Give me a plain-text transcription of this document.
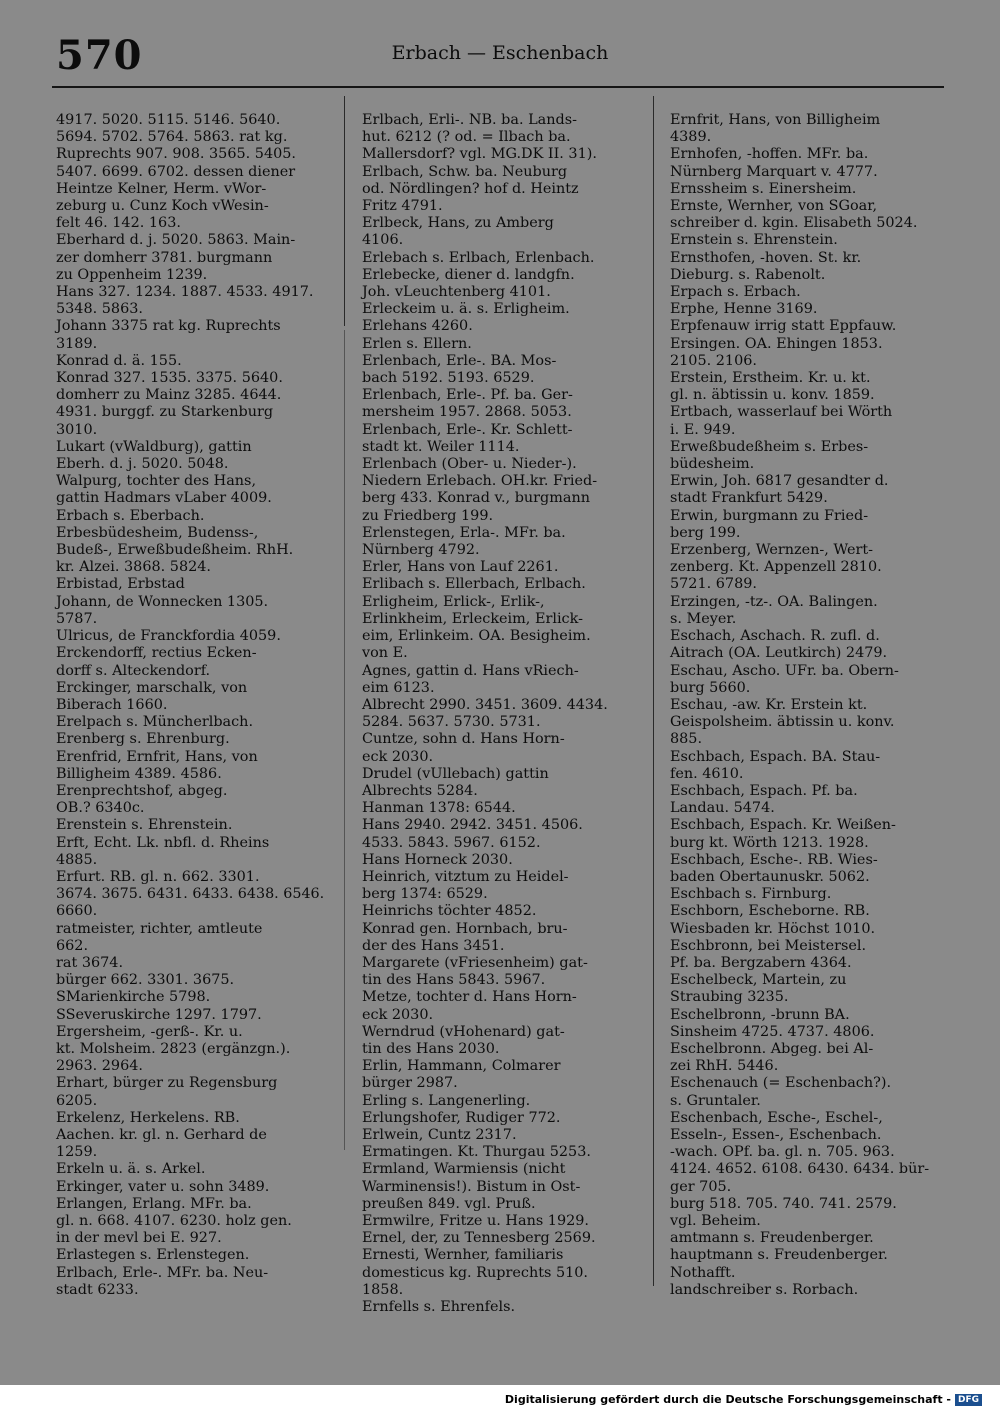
570	Erbach — Eschenbach
4917. 5020. 5115. 5146. 5640.
5694. 5702. 5764. 5863. rat kg.
Ruprechts 907. 908. 3565. 5405.
5407. 6699. 6702. dessen diener
Heintze Kelner, Herm. vWor-
zeburg u. Cunz Koch vWesin-
felt 46. 142. 163.
Eberhard d. j. 5020. 5863. Main-
zer domherr 3781. burgmann
zu Oppenheim 1239.
Hans 327. 1234. 1887. 4533. 4917.
5348. 5863.
Johann 3375 rat kg. Ruprechts
3189.
Konrad d. ä. 155.
Konrad 327. 1535. 3375. 5640.
domherr zu Mainz 3285. 4644.
4931. burggf. zu Starkenburg
3010.
Lukart (vWaldburg), gattin
Eberh. d. j. 5020. 5048.
Walpurg, tochter des Hans,
gattin Hadmars vLaber 4009.
Erbach s. Eberbach.
Erbesbüdesheim, Budenss-,
Budeß-, Erweßbudeßheim. RhH.
kr. Alzei. 3868. 5824.
Erbistad, Erbstad
Johann, de Wonnecken 1305.
5787.
Ulricus, de Franckfordia 4059.
Erckendorff, rectius Ecken-
dorff s. Alteckendorf.
Erckinger, marschalk, von
Biberach 1660.
Erelpach s. Müncherlbach.
Erenberg s. Ehrenburg.
Erenfrid, Ernfrit, Hans, von
Billigheim 4389. 4586.
Erenprechtshof, abgeg.
OB.? 6340c.
Erenstein s. Ehrenstein.
Erft, Echt. Lk. nbfl. d. Rheins
4885.
Erfurt. RB. gl. n. 662. 3301.
3674. 3675. 6431. 6433. 6438. 6546.
6660.
ratmeister, richter, amtleute
662.
rat 3674.
bürger 662. 3301. 3675.
SMarienkirche 5798.
SSeveruskirche 1297. 1797.
Ergersheim, -gerß-. Kr. u.
kt. Molsheim. 2823 (ergänzgn.).
2963. 2964.
Erhart, bürger zu Regensburg
6205.
Erkelenz, Herkelens. RB.
Aachen. kr. gl. n. Gerhard de
1259.
Erkeln u. ä. s. Arkel.
Erkinger, vater u. sohn 3489.
Erlangen, Erlang. MFr. ba.
gl. n. 668. 4107. 6230. holz gen.
in der mevl bei E. 927.
Erlastegen s. Erlenstegen.
Erlbach, Erle-. MFr. ba. Neu-
stadt 6233.
Erlbach, Erli-. NB. ba. Lands-
hut. 6212 (? od. = Ilbach ba.
Mallersdorf? vgl. MG.DK II. 31).
Erlbach, Schw. ba. Neuburg
od. Nördlingen? hof d. Heintz
Fritz 4791.
Erlbeck, Hans, zu Amberg
4106.
Erlebach s. Erlbach, Erlenbach.
Erlebecke, diener d. landgfn.
Joh. vLeuchtenberg 4101.
Erleckeim u. ä. s. Erligheim.
Erlehans 4260.
Erlen s. Ellern.
Erlenbach, Erle-. BA. Mos-
bach 5192. 5193. 6529.
Erlenbach, Erle-. Pf. ba. Ger-
mersheim 1957. 2868. 5053.
Erlenbach, Erle-. Kr. Schlett-
stadt kt. Weiler 1114.
Erlenbach (Ober- u. Nieder-).
Niedern Erlebach. OH.kr. Fried-
berg 433. Konrad v., burgmann
zu Friedberg 199.
Erlenstegen, Erla-. MFr. ba.
Nürnberg 4792.
Erler, Hans von Lauf 2261.
Erlibach s. Ellerbach, Erlbach.
Erligheim, Erlick-, Erlik-,
Erlinkheim, Erleckeim, Erlick-
eim, Erlinkeim. OA. Besigheim.
von E.
Agnes, gattin d. Hans vRiech-
eim 6123.
Albrecht 2990. 3451. 3609. 4434.
5284. 5637. 5730. 5731.
Cuntze, sohn d. Hans Horn-
eck 2030.
Drudel (vUllebach) gattin
Albrechts 5284.
Hanman 1378: 6544.
Hans 2940. 2942. 3451. 4506.
4533. 5843. 5967. 6152.
Hans Horneck 2030.
Heinrich, vitztum zu Heidel-
berg 1374: 6529.
Heinrichs töchter 4852.
Konrad gen. Hornbach, bru-
der des Hans 3451.
Margarete (vFriesenheim) gat-
tin des Hans 5843. 5967.
Metze, tochter d. Hans Horn-
eck 2030.
Werndrud (vHohenard) gat-
tin des Hans 2030.
Erlin, Hammann, Colmarer
bürger 2987.
Erling s. Langenerling.
Erlungshofer, Rudiger 772.
Erlwein, Cuntz 2317.
Ermatingen. Kt. Thurgau 5253.
Ermland, Warmiensis (nicht
Warminensis!). Bistum in Ost-
preußen 849. vgl. Pruß.
Ermwilre, Fritze u. Hans 1929.
Ernel, der, zu Tennesberg 2569.
Ernesti, Wernher, familiaris
domesticus kg. Ruprechts 510.
1858.
Ernfells s. Ehrenfels.
Ernfrit, Hans, von Billigheim
4389.
Ernhofen, -hoffen. MFr. ba.
Nürnberg Marquart v. 4777.
Ernssheim s. Einersheim.
Ernste, Wernher, von SGoar,
schreiber d. kgin. Elisabeth 5024.
Ernstein s. Ehrenstein.
Ernsthofen, -hoven. St. kr.
Dieburg. s. Rabenolt.
Erpach s. Erbach.
Erphe, Henne 3169.
Erpfenauw irrig statt Eppfauw.
Ersingen. OA. Ehingen 1853.
2105. 2106.
Erstein, Erstheim. Kr. u. kt.
gl. n. äbtissin u. konv. 1859.
Ertbach, wasserlauf bei Wörth
i. E. 949.
Erweßbudeßheim s. Erbes-
büdesheim.
Erwin, Joh. 6817 gesandter d.
stadt Frankfurt 5429.
Erwin, burgmann zu Fried-
berg 199.
Erzenberg, Wernzen-, Wert-
zenberg. Kt. Appenzell 2810.
5721. 6789.
Erzingen, -tz-. OA. Balingen.
s. Meyer.
Eschach, Aschach. R. zufl. d.
Aitrach (OA. Leutkirch) 2479.
Eschau, Ascho. UFr. ba. Obern-
burg 5660.
Eschau, -aw. Kr. Erstein kt.
Geispolsheim. äbtissin u. konv.
885.
Eschbach, Espach. BA. Stau-
fen. 4610.
Eschbach, Espach. Pf. ba.
Landau. 5474.
Eschbach, Espach. Kr. Weißen-
burg kt. Wörth 1213. 1928.
Eschbach, Esche-. RB. Wies-
baden Obertaunuskr. 5062.
Eschbach s. Firnburg.
Eschborn, Escheborne. RB.
Wiesbaden kr. Höchst 1010.
Eschbronn, bei Meistersel.
Pf. ba. Bergzabern 4364.
Eschelbeck, Martein, zu
Straubing 3235.
Eschelbronn, -brunn BA.
Sinsheim 4725. 4737. 4806.
Eschelbronn. Abgeg. bei Al-
zei RhH. 5446.
Eschenauch (= Eschenbach?).
s. Gruntaler.
Eschenbach, Esche-, Eschel-,
Esseln-, Essen-, Eschenbach.
-wach. OPf. ba. gl. n. 705. 963.
4124. 4652. 6108. 6430. 6434. bür-
ger 705.
burg 518. 705. 740. 741. 2579.
vgl. Beheim.
amtmann s. Freudenberger.
hauptmann s. Freudenberger.
Nothafft.
landschreiber s. Rorbach.
Digitalisierung gefördert durch die Deutsche Forschungsgemeinschaft - DFG
